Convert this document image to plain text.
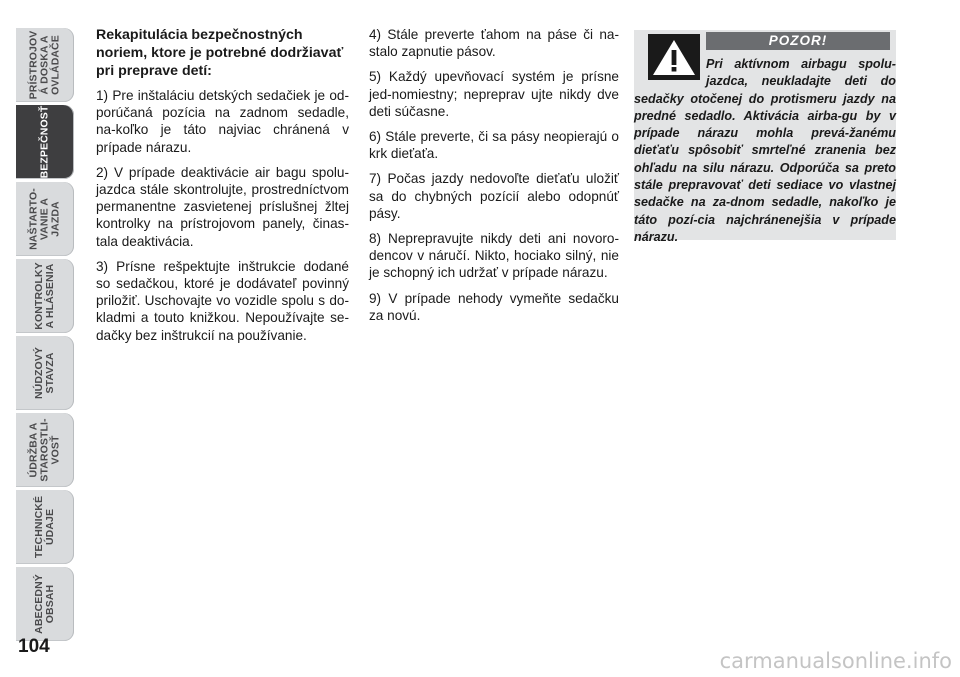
PRÍSTROJOV
Á DOSKA A
OVLÁDAČE
BEZPEČNOSŤ
NAŠTARTO-
VANIE A
JAZDA
KONTROLKY
A HLÁSENIA
NÚDZOVÝ
STAVZA
ÚDRŽBA A
STAROSTLI-
VOSŤ
TECHNICKÉ
ÚDAJE
ABECEDNÝ
OBSAH
104

Rekapitulácia bezpečnostných noriem, ktore je potrebné dodržiavať pri preprave detí:

1) Pre inštaláciu detských sedačiek je od-porúčaná pozícia na zadnom sedadle, na-koľko je táto najviac chránená v prípade nárazu.

2) V prípade deaktivácie air bagu spolu-jazdca stále skontrolujte, prostredníctvom permanentne zasvietenej príslušnej žltej kontrolky na prístrojovom panely, činas-tala deaktivácia.

3) Prísne rešpektujte inštrukcie dodané so sedačkou, ktoré je dodávateľ povinný priložiť. Uschovajte vo vozidle spolu s do-kladmi a touto knižkou. Nepoužívajte se-dačky bez inštrukcií na používanie.

4) Stále preverte ťahom na páse či na-stalo zapnutie pásov.

5) Každý upevňovací systém je prísne jed-nomiestny; nepreprav ujte nikdy dve deti súčasne.

6) Stále preverte, či sa pásy neopierajú o krk dieťaťa.

7) Počas jazdy nedovoľte dieťaťu uložiť sa do chybných pozícií alebo odopnúť pásy.

8) Neprepravujte nikdy deti ani novoro-dencov v náručí. Nikto, hociako silný, nie je schopný ich udržať v prípade nárazu.

9) V prípade nehody vymeňte sedačku za novú.

POZOR!
Pri aktívnom airbagu spolu-jazdca, neukladajte deti do sedačky otočenej do protismeru jazdy na predné sedadlo. Aktivácia airba-gu by v prípade nárazu mohla prevá-žanému dieťaťu spôsobiť smrteľné zranenia bez ohľadu na silu nárazu. Odporúča sa preto stále prepravovať deti sediace vo vlastnej sedačke na za-dnom sedadle, nakoľko je táto pozí-cia najchránenejšia v prípade nárazu.
carmanualsonline.info
